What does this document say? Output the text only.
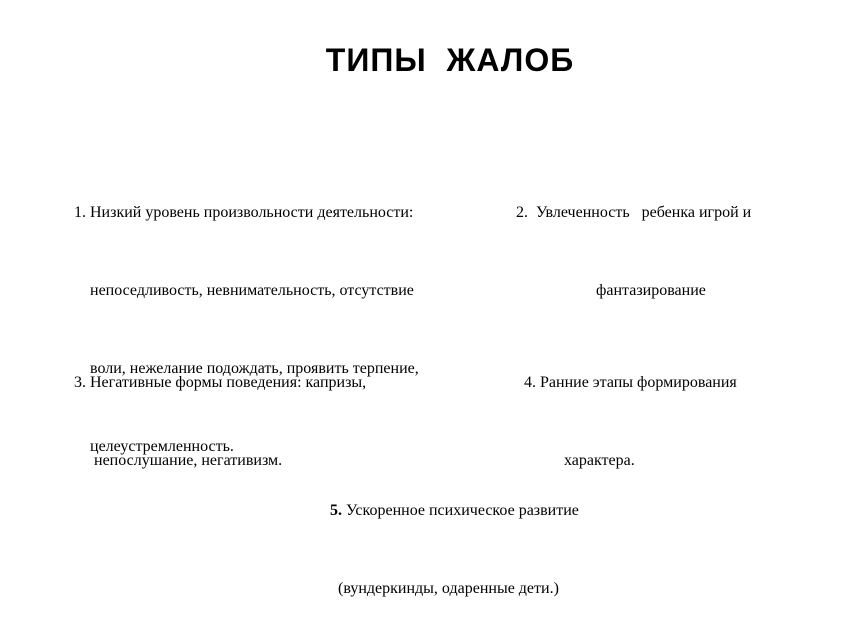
ТИПЫ  ЖАЛОБ

1. Низкий уровень произвольности деятельности:

непоседливость, невнимательность, отсутствие

воли, нежелание подождать, проявить терпение,

целеустремленность.

2.  Увлеченность   ребенка игрой и

фантазирование

3. Негативные формы поведения: капризы,

непослушание, негативизм.

4. Ранние этапы формирования

характера.

5. Ускоренное психическое развитие

(вундеркинды, одаренные дети.)
